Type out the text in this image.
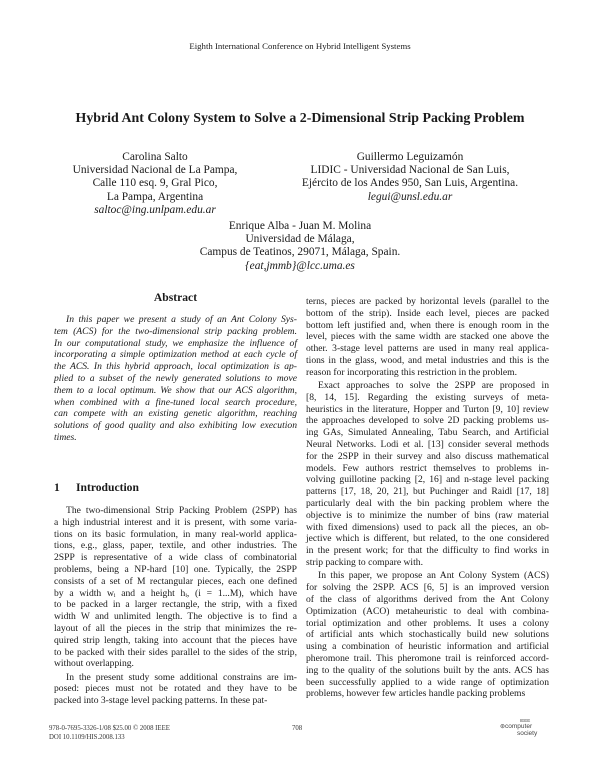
Eighth International Conference on Hybrid Intelligent Systems
Hybrid Ant Colony System to Solve a 2-Dimensional Strip Packing Problem
Carolina Salto
Universidad Nacional de La Pampa,
Calle 110 esq. 9, Gral Pico,
La Pampa, Argentina
saltoc@ing.unlpam.edu.ar
Guillermo Leguizamón
LIDIC - Universidad Nacional de San Luis,
Ejército de los Andes 950, San Luis, Argentina.
legui@unsl.edu.ar
Enrique Alba - Juan M. Molina
Universidad de Málaga,
Campus de Teatinos, 29071, Málaga, Spain.
{eat,jmmb}@lcc.uma.es
Abstract
In this paper we present a study of an Ant Colony Sys-
tem (ACS) for the two-dimensional strip packing problem.
In our computational study, we emphasize the influence of
incorporating a simple optimization method at each cycle of
the ACS. In this hybrid approach, local optimization is ap-
plied to a subset of the newly generated solutions to move
them to a local optimum. We show that our ACS algorithm,
when combined with a fine-tuned local search procedure,
can compete with an existing genetic algorithm, reaching
solutions of good quality and also exhibiting low execution
times.
1 Introduction
The two-dimensional Strip Packing Problem (2SPP) has
a high industrial interest and it is present, with some varia-
tions on its basic formulation, in many real-world applica-
tions, e.g., glass, paper, textile, and other industries. The
2SPP is representative of a wide class of combinatorial
problems, being a NP-hard [10] one. Typically, the 2SPP
consists of a set of M rectangular pieces, each one defined
by a width wᵢ and a height hᵢ, (i = 1...M), which have
to be packed in a larger rectangle, the strip, with a fixed
width W and unlimited length. The objective is to find a
layout of all the pieces in the strip that minimizes the re-
quired strip length, taking into account that the pieces have
to be packed with their sides parallel to the sides of the strip,
without overlapping.
In the present study some additional constrains are im-
posed: pieces must not be rotated and they have to be
packed into 3-stage level packing patterns. In these pat-
terns, pieces are packed by horizontal levels (parallel to the
bottom of the strip). Inside each level, pieces are packed
bottom left justified and, when there is enough room in the
level, pieces with the same width are stacked one above the
other. 3-stage level patterns are used in many real applica-
tions in the glass, wood, and metal industries and this is the
reason for incorporating this restriction in the problem.
Exact approaches to solve the 2SPP are proposed in
[8, 14, 15]. Regarding the existing surveys of meta-
heuristics in the literature, Hopper and Turton [9, 10] review
the approaches developed to solve 2D packing problems us-
ing GAs, Simulated Annealing, Tabu Search, and Artificial
Neural Networks. Lodi et al. [13] consider several methods
for the 2SPP in their survey and also discuss mathematical
models. Few authors restrict themselves to problems in-
volving guillotine packing [2, 16] and n-stage level packing
patterns [17, 18, 20, 21], but Puchinger and Raidl [17, 18]
particularly deal with the bin packing problem where the
objective is to minimize the number of bins (raw material
with fixed dimensions) used to pack all the pieces, an ob-
jective which is different, but related, to the one considered
in the present work; for that the difficulty to find works in
strip packing to compare with.
In this paper, we propose an Ant Colony System (ACS)
for solving the 2SPP. ACS [6, 5] is an improved version
of the class of algorithms derived from the Ant Colony
Optimization (ACO) metaheuristic to deal with combina-
torial optimization and other problems. It uses a colony
of artificial ants which stochastically build new solutions
using a combination of heuristic information and artificial
pheromone trail. This pheromone trail is reinforced accord-
ing to the quality of the solutions built by the ants. ACS has
been successfully applied to a wide range of optimization
problems, however few articles handle packing problems
978-0-7695-3326-1/08 $25.00 © 2008 IEEE
DOI 10.1109/HIS.2008.133
708
IEEE
⊛computer
society
